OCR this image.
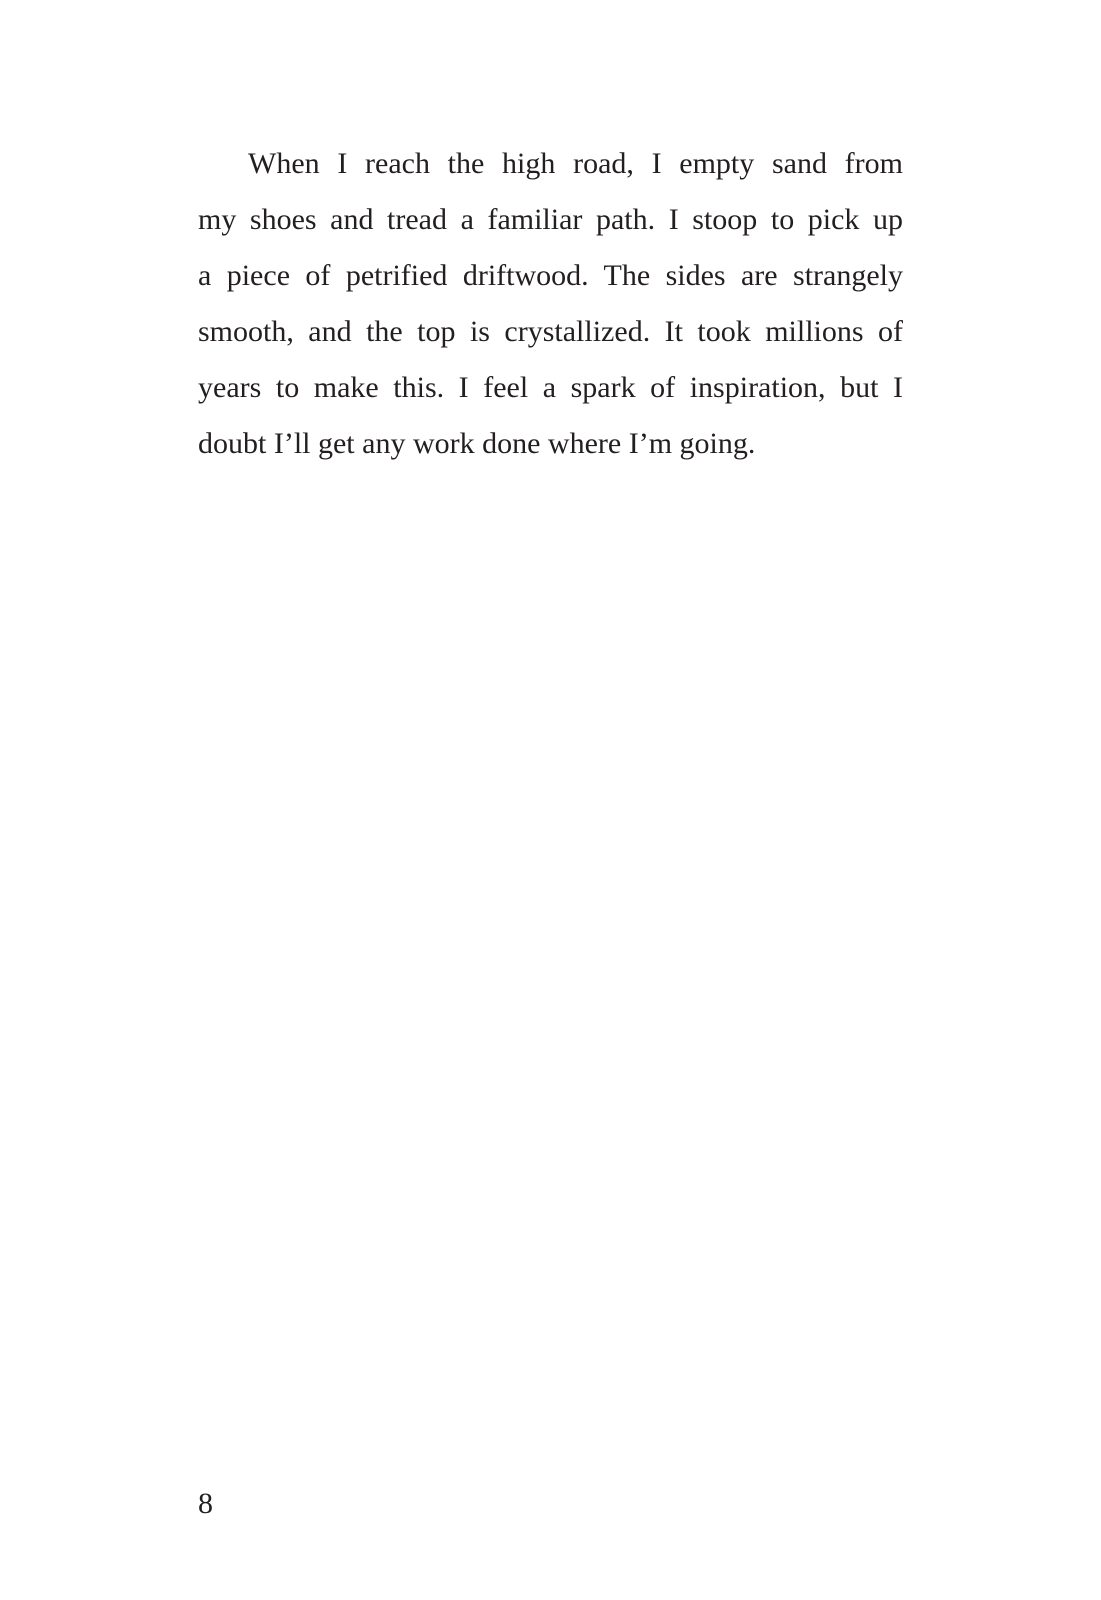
When I reach the high road, I empty sand from
my shoes and tread a familiar path. I stoop to pick up
a piece of petrified driftwood. The sides are strangely
smooth, and the top is crystallized. It took millions of
years to make this. I feel a spark of inspiration, but I
doubt I’ll get any work done where I’m going.
8
